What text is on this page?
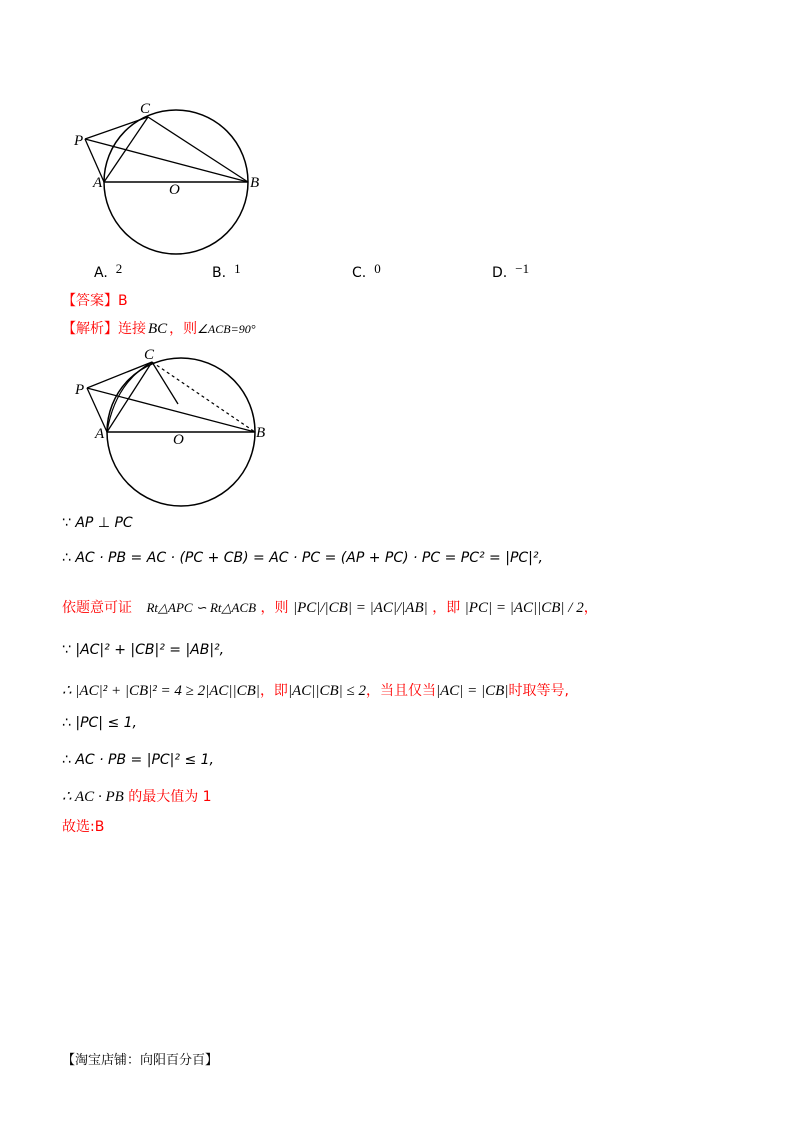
P
C
A	O	B
A. 2	B. 1	C. 0	D. −1
【答案】B
【解析】连接 BC ，则∠ACB=90°
P
C
A	O	B
∵ AP ⊥ PC
∴ AC · PB = AC · (PC + CB) = AC · PC = (AP + PC) · PC = PC² = |PC|²,
依题意可证 Rt△APC ∽ Rt△ACB ，则 |PC|/|CB| = |AC|/|AB| ，即 |PC| = |AC||CB| / 2，
∵ |AC|² + |CB|² = |AB|²,
∴ |AC|² + |CB|² = 4 ≥ 2|AC||CB|，即|AC||CB| ≤ 2，当且仅当|AC| = |CB|时取等号,
∴ |PC| ≤ 1,
∴ AC · PB = |PC|² ≤ 1,
∴ AC · PB 的最大值为 1
故选:B
【淘宝店铺：向阳百分百】
